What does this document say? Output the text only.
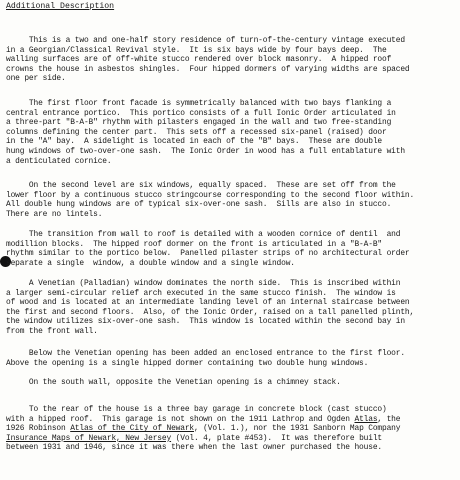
Additional Description
This is a two and one-half story residence of turn-of-the-century vintage executed
in a Georgian/Classical Revival style.  It is six bays wide by four bays deep.  The
walling surfaces are of off-white stucco rendered over block masonry.  A hipped roof
crowns the house in asbestos shingles.  Four hipped dormers of varying widths are spaced
one per side.
The first floor front facade is symmetrically balanced with two bays flanking a
central entrance portico.  This portico consists of a full Ionic Order articulated in
a three-part "B-A-B" rhythm with pilasters engaged in the wall and two free-standing
columns defining the center part.  This sets off a recessed six-panel (raised) door
in the "A" bay.  A sidelight is located in each of the "B" bays.  These are double
hung windows of two-over-one sash.  The Ionic Order in wood has a full entablature with
a denticulated cornice.
On the second level are six windows, equally spaced.  These are set off from the
lower floor by a continuous stucco stringcourse corresponding to the second floor within.
All double hung windows are of typical six-over-one sash.  Sills are also in stucco.
There are no lintels.
The transition from wall to roof is detailed with a wooden cornice of dentil  and
modillion blocks.  The hipped roof dormer on the front is articulated in a "B-A-B"
rhythm similar to the portico below.  Panelled pilaster strips of no architectural order
separate a single  window, a double window and a single window.
A Venetian (Palladian) window dominates the north side.  This is inscribed within
a larger semi-circular relief arch executed in the same stucco finish.  The window is
of wood and is located at an intermediate landing level of an internal staircase between
the first and second floors.  Also, of the Ionic Order, raised on a tall panelled plinth,
the window utilizes six-over-one sash.  This window is located within the second bay in
from the front wall.
Below the Venetian opening has been added an enclosed entrance to the first floor.
Above the opening is a single hipped dormer containing two double hung windows.
On the south wall, opposite the Venetian opening is a chimney stack.
To the rear of the house is a three bay garage in concrete block (cast stucco)
with a hipped roof.  This garage is not shown on the 1911 Lathrop and Ogden Atlas, the
1926 Robinson Atlas of the City of Newark, (Vol. 1.), nor the 1931 Sanborn Map Company
Insurance Maps of Newark, New Jersey (Vol. 4, plate #453).  It was therefore built
between 1931 and 1946, since it was there when the last owner purchased the house.
